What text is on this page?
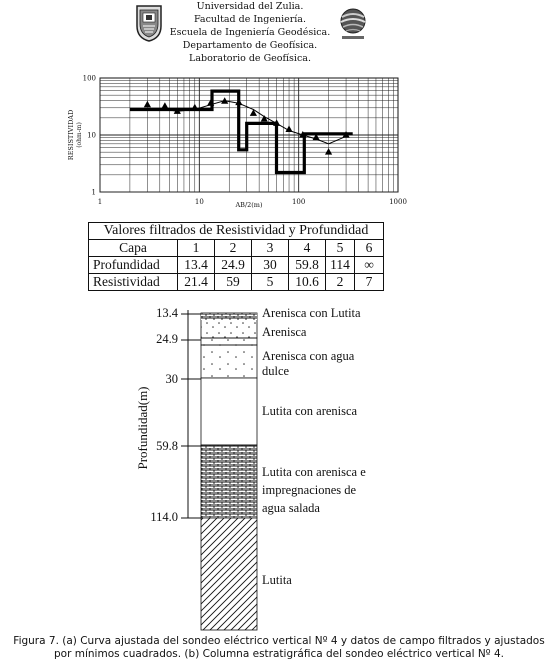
Universidad del Zulia.
Facultad de Ingeniería.
Escuela de Ingeniería Geodésica.
Departamento de Geofísica.
Laboratorio de Geofísica.
1	10	100	1000
1
10
100
AB/2(m)
RESISTIVIDAD (ohm-m)
Valores filtrados de Resistividad y Profundidad						
Capa	1	2	3	4	5	6
Profundidad	13.4	24.9	30	59.8	114	∞
Resistividad	21.4	59	5	10.6	2	7
13.4
24.9
30
59.8
114.0
Profundidad(m)
Arenisca con Lutita
Arenisca
Arenisca con agua
dulce
Lutita con arenisca
Lutita con arenisca e
impregnaciones de
agua salada
Lutita
Figura 7. (a) Curva ajustada del sondeo eléctrico vertical Nº 4 y datos de campo filtrados y ajustados
por mínimos cuadrados. (b) Columna estratigráfica del sondeo eléctrico vertical Nº 4.
